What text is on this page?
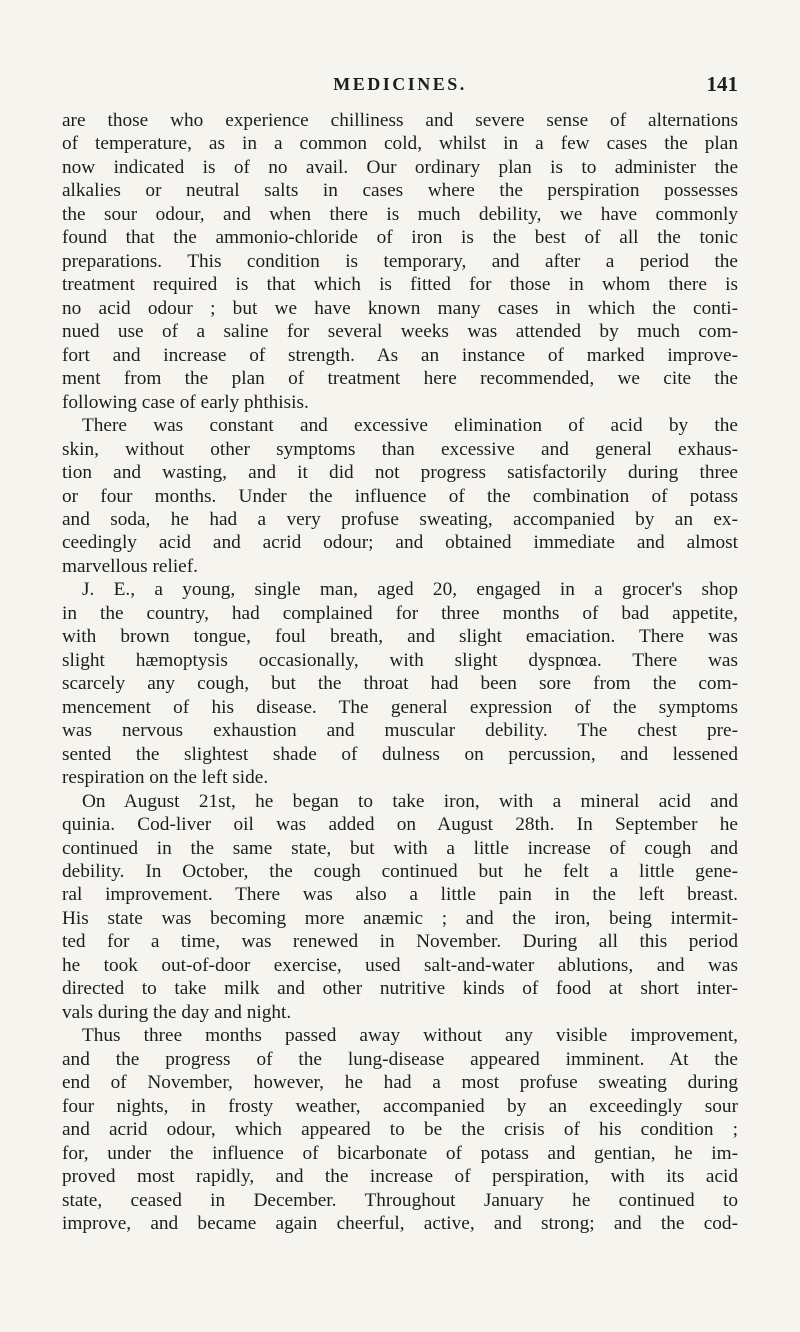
MEDICINES.	141
are those who experience chilliness and severe sense of alternations
of temperature, as in a common cold, whilst in a few cases the plan
now indicated is of no avail. Our ordinary plan is to administer the
alkalies or neutral salts in cases where the perspiration possesses
the sour odour, and when there is much debility, we have commonly
found that the ammonio-chloride of iron is the best of all the tonic
preparations. This condition is temporary, and after a period the
treatment required is that which is fitted for those in whom there is
no acid odour ; but we have known many cases in which the conti-
nued use of a saline for several weeks was attended by much com-
fort and increase of strength. As an instance of marked improve-
ment from the plan of treatment here recommended, we cite the
following case of early phthisis.
There was constant and excessive elimination of acid by the
skin, without other symptoms than excessive and general exhaus-
tion and wasting, and it did not progress satisfactorily during three
or four months. Under the influence of the combination of potass
and soda, he had a very profuse sweating, accompanied by an ex-
ceedingly acid and acrid odour; and obtained immediate and almost
marvellous relief.
J. E., a young, single man, aged 20, engaged in a grocer's shop
in the country, had complained for three months of bad appetite,
with brown tongue, foul breath, and slight emaciation. There was
slight hæmoptysis occasionally, with slight dyspnœa. There was
scarcely any cough, but the throat had been sore from the com-
mencement of his disease. The general expression of the symptoms
was nervous exhaustion and muscular debility. The chest pre-
sented the slightest shade of dulness on percussion, and lessened
respiration on the left side.
On August 21st, he began to take iron, with a mineral acid and
quinia. Cod-liver oil was added on August 28th. In September he
continued in the same state, but with a little increase of cough and
debility. In October, the cough continued but he felt a little gene-
ral improvement. There was also a little pain in the left breast.
His state was becoming more anæmic ; and the iron, being intermit-
ted for a time, was renewed in November. During all this period
he took out-of-door exercise, used salt-and-water ablutions, and was
directed to take milk and other nutritive kinds of food at short inter-
vals during the day and night.
Thus three months passed away without any visible improvement,
and the progress of the lung-disease appeared imminent. At the
end of November, however, he had a most profuse sweating during
four nights, in frosty weather, accompanied by an exceedingly sour
and acrid odour, which appeared to be the crisis of his condition ;
for, under the influence of bicarbonate of potass and gentian, he im-
proved most rapidly, and the increase of perspiration, with its acid
state, ceased in December. Throughout January he continued to
improve, and became again cheerful, active, and strong; and the cod-
